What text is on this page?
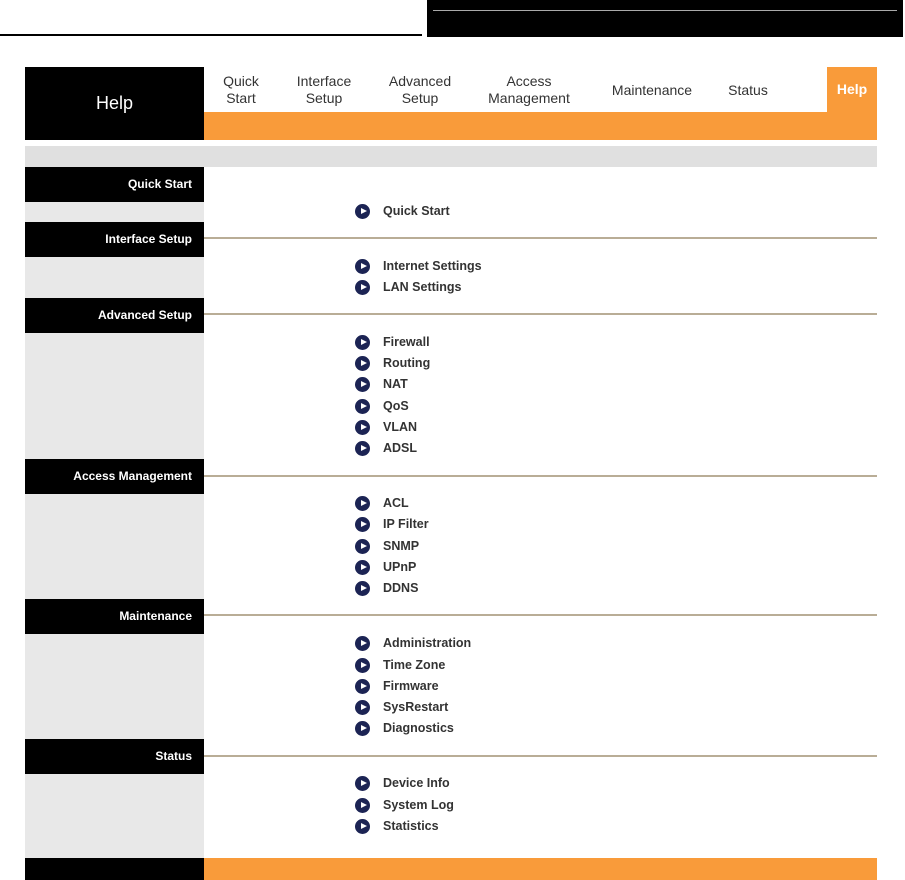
Help
Quick
Start
Interface
Setup
Advanced
Setup
Access
Management
Maintenance	Status	Help
Quick Start
Quick Start
Interface Setup
Internet Settings
LAN Settings
Advanced Setup
Firewall
Routing
NAT
QoS
VLAN
ADSL
Access Management
ACL
IP Filter
SNMP
UPnP
DDNS
Maintenance
Administration
Time Zone
Firmware
SysRestart
Diagnostics
Status
Device Info
System Log
Statistics
